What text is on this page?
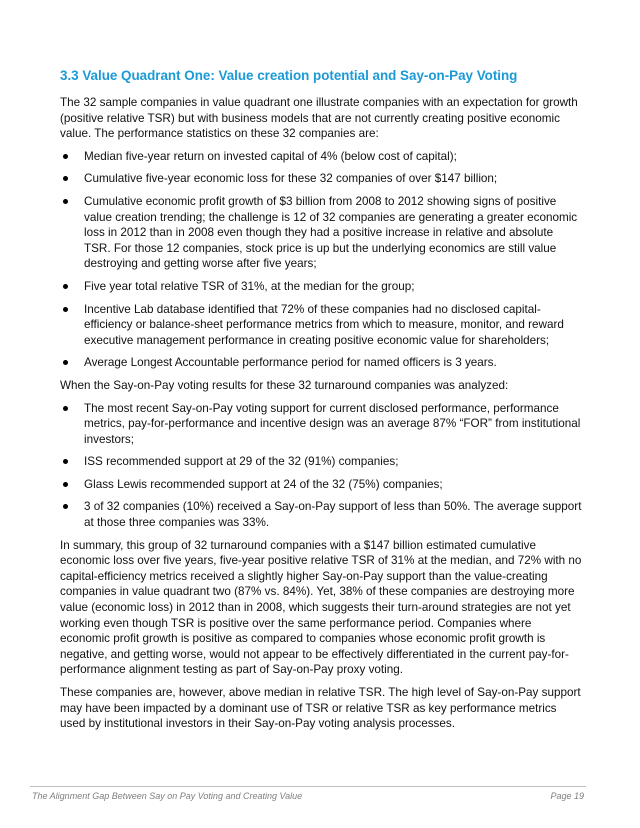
3.3 Value Quadrant One: Value creation potential and Say-on-Pay Voting

The 32 sample companies in value quadrant one illustrate companies with an expectation for growth (positive relative TSR) but with business models that are not currently creating positive economic value. The performance statistics on these 32 companies are:

Median five-year return on invested capital of 4% (below cost of capital);
Cumulative five-year economic loss for these 32 companies of over $147 billion;
Cumulative economic profit growth of $3 billion from 2008 to 2012 showing signs of positive value creation trending; the challenge is 12 of 32 companies are generating a greater economic loss in 2012 than in 2008 even though they had a positive increase in relative and absolute TSR. For those 12 companies, stock price is up but the underlying economics are still value destroying and getting worse after five years;
Five year total relative TSR of 31%, at the median for the group;
Incentive Lab database identified that 72% of these companies had no disclosed capital-efficiency or balance-sheet performance metrics from which to measure, monitor, and reward executive management performance in creating positive economic value for shareholders;
Average Longest Accountable performance period for named officers is 3 years.

When the Say-on-Pay voting results for these 32 turnaround companies was analyzed:

The most recent Say-on-Pay voting support for current disclosed performance, performance metrics, pay-for-performance and incentive design was an average 87% “FOR” from institutional investors;
ISS recommended support at 29 of the 32 (91%) companies;
Glass Lewis recommended support at 24 of the 32 (75%) companies;
3 of 32 companies (10%) received a Say-on-Pay support of less than 50%. The average support at those three companies was 33%.

In summary, this group of 32 turnaround companies with a $147 billion estimated cumulative economic loss over five years, five-year positive relative TSR of 31% at the median, and 72% with no capital-efficiency metrics received a slightly higher Say-on-Pay support than the value-creating companies in value quadrant two (87% vs. 84%). Yet, 38% of these companies are destroying more value (economic loss) in 2012 than in 2008, which suggests their turn-around strategies are not yet working even though TSR is positive over the same performance period. Companies where economic profit growth is positive as compared to companies whose economic profit growth is negative, and getting worse, would not appear to be effectively differentiated in the current pay-for-performance alignment testing as part of Say-on-Pay proxy voting.

These companies are, however, above median in relative TSR. The high level of Say-on-Pay support may have been impacted by a dominant use of TSR or relative TSR as key performance metrics used by institutional investors in their Say-on-Pay voting analysis processes.

The Alignment Gap Between Say on Pay Voting and Creating Value	Page 19
